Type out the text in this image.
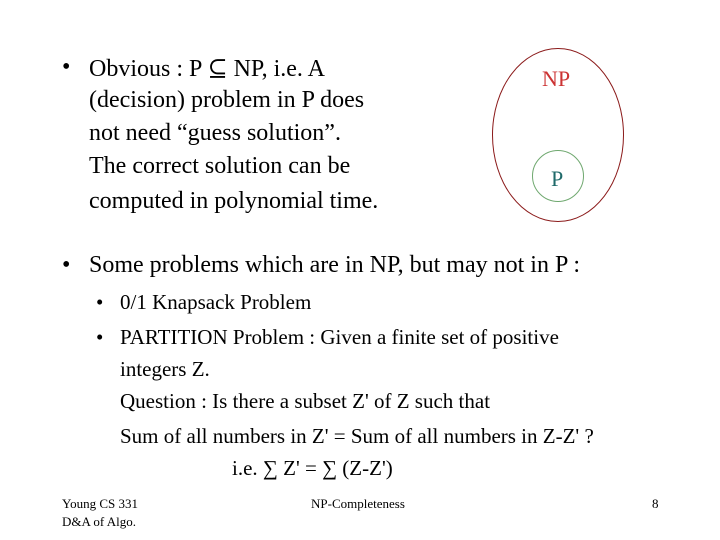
• Obvious : P ⊆ NP, i.e. A
(decision) problem in P does
not need “guess solution”.
The correct solution can be
computed in polynomial time.
NP
P
• Some problems which are in NP, but may not in P :
• 0/1 Knapsack Problem
• PARTITION Problem : Given a finite set of positive
integers Z.
Question : Is there a subset Z' of Z such that
Sum of all numbers in Z' = Sum of all numbers in Z-Z' ?
i.e. ∑ Z' = ∑ (Z-Z')
Young CS 331
D&A of Algo.
NP-Completeness	8
